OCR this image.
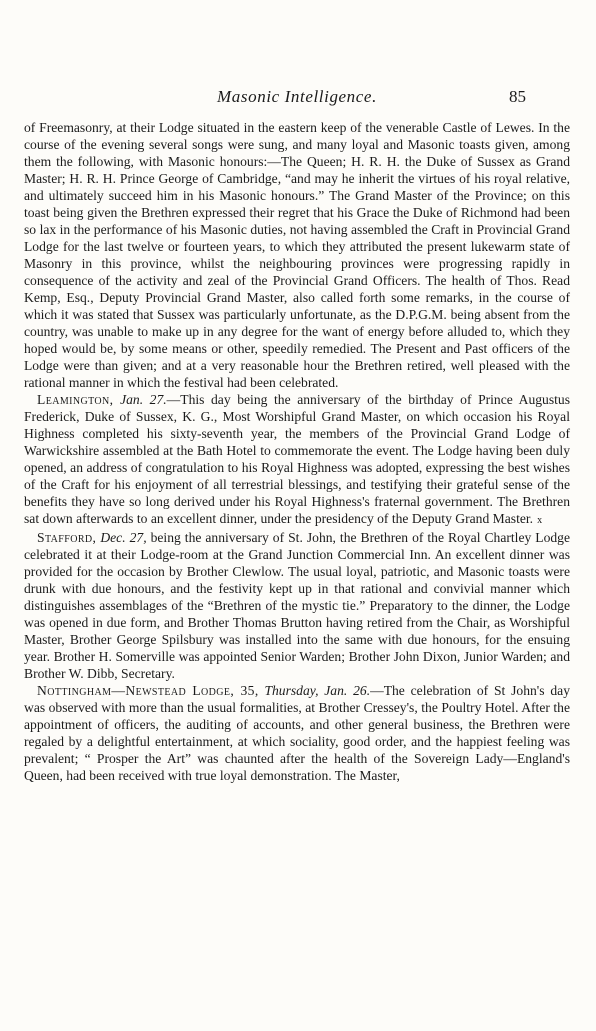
Masonic Intelligence.	85

of Freemasonry, at their Lodge situated in the eastern keep of the venerable Castle of Lewes. In the course of the evening several songs were sung, and many loyal and Masonic toasts given, among them the following, with Masonic honours:—The Queen; H. R. H. the Duke of Sussex as Grand Master; H. R. H. Prince George of Cambridge, “and may he inherit the virtues of his royal relative, and ultimately succeed him in his Masonic honours.” The Grand Master of the Province; on this toast being given the Brethren expressed their regret that his Grace the Duke of Richmond had been so lax in the performance of his Masonic duties, not having assembled the Craft in Provincial Grand Lodge for the last twelve or fourteen years, to which they attributed the present lukewarm state of Masonry in this province, whilst the neighbouring provinces were progressing rapidly in consequence of the activity and zeal of the Provincial Grand Officers. The health of Thos. Read Kemp, Esq., Deputy Provincial Grand Master, also called forth some remarks, in the course of which it was stated that Sussex was particularly unfortunate, as the D.P.G.M. being absent from the country, was unable to make up in any degree for the want of energy before alluded to, which they hoped would be, by some means or other, speedily remedied. The Present and Past officers of the Lodge were than given; and at a very reasonable hour the Brethren retired, well pleased with the rational manner in which the festival had been celebrated.

Leamington, Jan. 27.—This day being the anniversary of the birthday of Prince Augustus Frederick, Duke of Sussex, K. G., Most Worshipful Grand Master, on which occasion his Royal Highness completed his sixty-seventh year, the members of the Provincial Grand Lodge of Warwickshire assembled at the Bath Hotel to commemorate the event. The Lodge having been duly opened, an address of congratulation to his Royal Highness was adopted, expressing the best wishes of the Craft for his enjoyment of all terrestrial blessings, and testifying their grateful sense of the benefits they have so long derived under his Royal Highness's fraternal government. The Brethren sat down afterwards to an excellent dinner, under the presidency of the Deputy Grand Master. x

Stafford, Dec. 27, being the anniversary of St. John, the Brethren of the Royal Chartley Lodge celebrated it at their Lodge-room at the Grand Junction Commercial Inn. An excellent dinner was provided for the occasion by Brother Clewlow. The usual loyal, patriotic, and Masonic toasts were drunk with due honours, and the festivity kept up in that rational and convivial manner which distinguishes assemblages of the “Brethren of the mystic tie.” Preparatory to the dinner, the Lodge was opened in due form, and Brother Thomas Brutton having retired from the Chair, as Worshipful Master, Brother George Spilsbury was installed into the same with due honours, for the ensuing year. Brother H. Somerville was appointed Senior Warden; Brother John Dixon, Junior Warden; and Brother W. Dibb, Secretary.

Nottingham—Newstead Lodge, 35, Thursday, Jan. 26.—The celebration of St John's day was observed with more than the usual formalities, at Brother Cressey's, the Poultry Hotel. After the appointment of officers, the auditing of accounts, and other general business, the Brethren were regaled by a delightful entertainment, at which sociality, good order, and the happiest feeling was prevalent; “ Prosper the Art” was chaunted after the health of the Sovereign Lady—England's Queen, had been received with true loyal demonstration. The Master,
